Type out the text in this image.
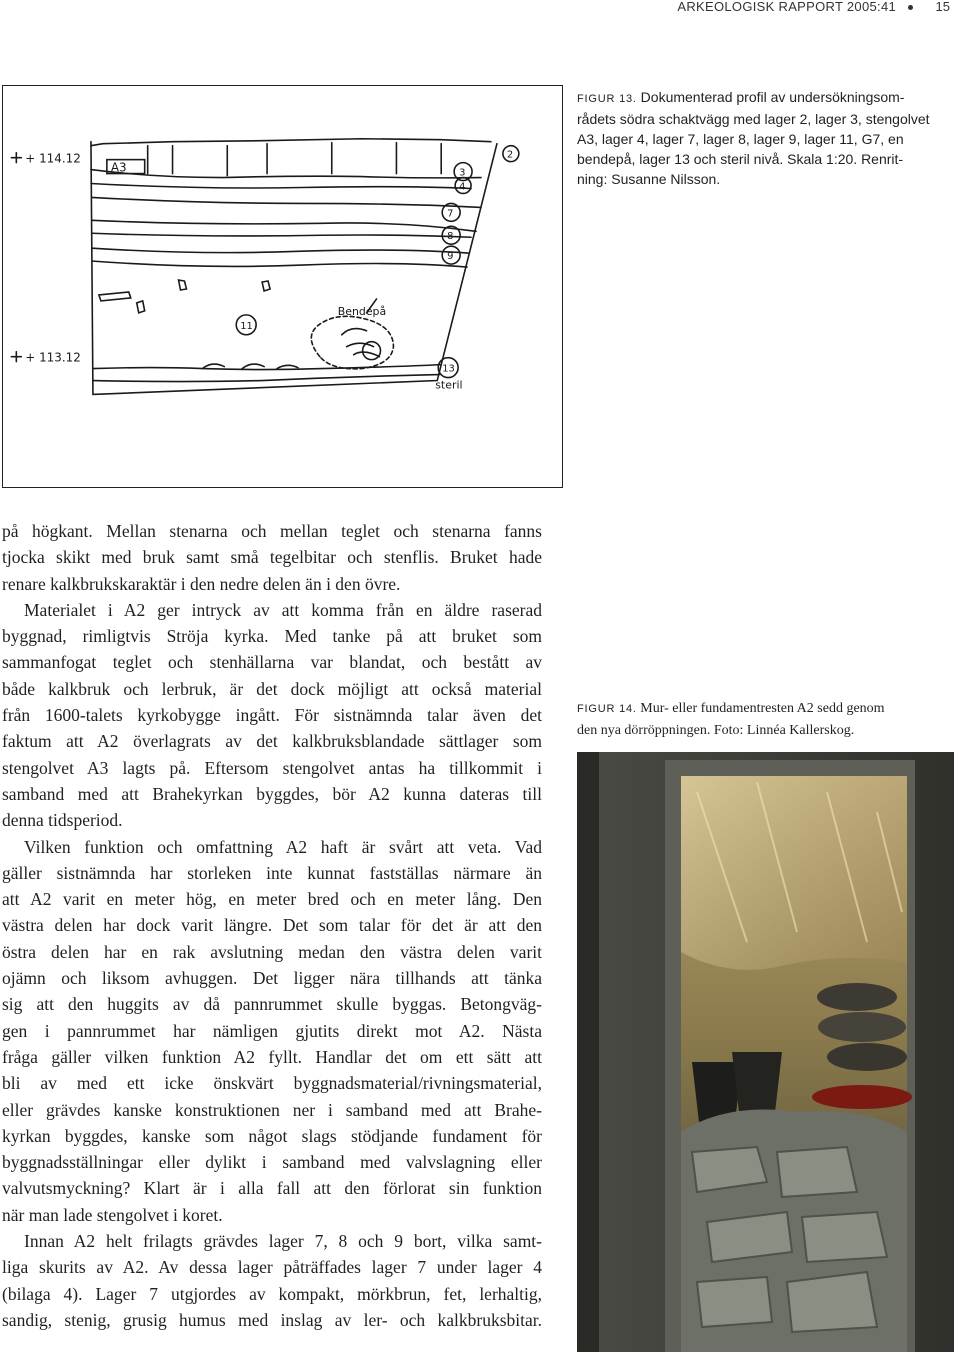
ARKEOLOGISK RAPPORT 2005:41	15
+ 114.12
+ 113.12
A3
2
3
4
7
8
9
11
13
Bendepå
steril
FIGUR 13. Dokumenterad profil av undersökningsom-
rådets södra schaktvägg med lager 2, lager 3, stengolvet
A3, lager 4, lager 7, lager 8, lager 9, lager 11, G7, en
bendepå, lager 13 och steril nivå. Skala 1:20. Renrit-
ning: Susanne Nilsson.
FIGUR 14. Mur- eller fundamentresten A2 sedd genom
den nya dörröppningen. Foto: Linnéa Kallerskog.
på högkant. Mellan stenarna och mellan teglet och stenarna fanns
tjocka skikt med bruk samt små tegelbitar och stenflis. Bruket hade
renare kalkbrukskaraktär i den nedre delen än i den övre.
Materialet i A2 ger intryck av att komma från en äldre raserad
byggnad, rimligtvis Ströja kyrka. Med tanke på att bruket som
sammanfogat teglet och stenhällarna var blandat, och bestått av
både kalkbruk och lerbruk, är det dock möjligt att också material
från 1600-talets kyrkobygge ingått. För sistnämnda talar även det
faktum att A2 överlagrats av det kalkbruksblandade sättlager som
stengolvet A3 lagts på. Eftersom stengolvet antas ha tillkommit i
samband med att Brahekyrkan byggdes, bör A2 kunna dateras till
denna tidsperiod.
Vilken funktion och omfattning A2 haft är svårt att veta. Vad
gäller sistnämnda har storleken inte kunnat fastställas närmare än
att A2 varit en meter hög, en meter bred och en meter lång. Den
västra delen har dock varit längre. Det som talar för det är att den
östra delen har en rak avslutning medan den västra delen varit
ojämn och liksom avhuggen. Det ligger nära tillhands att tänka
sig att den huggits av då pannrummet skulle byggas. Betongväg-
gen i pannrummet har nämligen gjutits direkt mot A2. Nästa
fråga gäller vilken funktion A2 fyllt. Handlar det om ett sätt att
bli av med ett icke önskvärt byggnadsmaterial/rivningsmaterial,
eller grävdes kanske konstruktionen ner i samband med att Brahe-
kyrkan byggdes, kanske som något slags stödjande fundament för
byggnadsställningar eller dylikt i samband med valvslagning eller
valvutsmyckning? Klart är i alla fall att den förlorat sin funktion
när man lade stengolvet i koret.
Innan A2 helt frilagts grävdes lager 7, 8 och 9 bort, vilka samt-
liga skurits av A2. Av dessa lager påträffades lager 7 under lager 4
(bilaga 4). Lager 7 utgjordes av kompakt, mörkbrun, fet, lerhaltig,
sandig, stenig, grusig humus med inslag av ler- och kalkbruksbitar.
